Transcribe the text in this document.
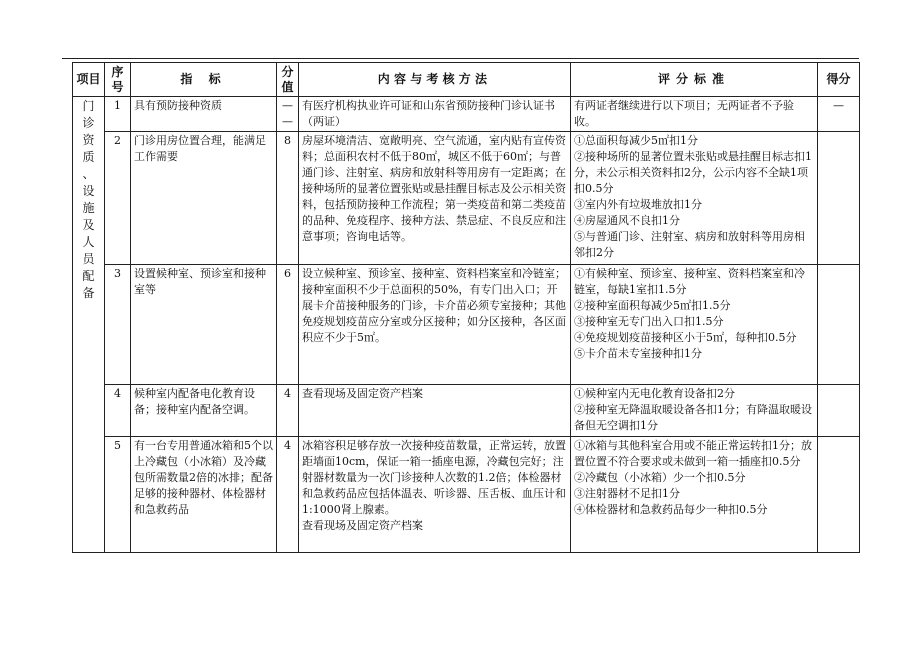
项目	序号	指 标	分值	内容与考核方法	评分标准	得分

门诊资质、设施及人员配备	1	具有预防接种资质	——	有医疗机构执业许可证和山东省预防接种门诊认证书（两证）	有两证者继续进行以下项目；无两证者不予验收。	—
	2	门诊用房位置合理，能满足工作需要	8	房屋环境清洁、宽敞明亮、空气流通，室内贴有宣传资料；总面积农村不低于80㎡，城区不低于60㎡；与普通门诊、注射室、病房和放射科等用房有一定距离；在接种场所的显著位置张贴或悬挂醒目标志及公示相关资料，包括预防接种工作流程；第一类疫苗和第二类疫苗的品种、免疫程序、接种方法、禁忌症、不良反应和注意事项；咨询电话等。	①总面积每减少5㎡扣1分
②接种场所的显著位置未张贴或悬挂醒目标志扣1分，未公示相关资料扣2分，公示内容不全缺1项扣0.5分
③室内外有垃圾堆放扣1分
④房屋通风不良扣1分
⑤与普通门诊、注射室、病房和放射科等用房相邻扣2分	
	3	设置候种室、预诊室和接种室等	6	设立候种室、预诊室、接种室、资料档案室和冷链室；接种室面积不少于总面积的50%，有专门出入口；开展卡介苗接种服务的门诊，卡介苗必须专室接种；其他免疫规划疫苗应分室或分区接种；如分区接种，各区面积应不少于5㎡。	①有候种室、预诊室、接种室、资料档案室和冷链室，每缺1室扣1.5分
②接种室面积每减少5㎡扣1.5分
③接种室无专门出入口扣1.5分
④免疫规划疫苗接种区小于5㎡，每种扣0.5分
⑤卡介苗未专室接种扣1分	
	4	候种室内配备电化教育设备；接种室内配备空调。	4	查看现场及固定资产档案	①候种室内无电化教育设备扣2分
②接种室无降温取暖设备各扣1分；有降温取暖设备但无空调扣1分	
	5	有一台专用普通冰箱和5个以上冷藏包（小冰箱）及冷藏包所需数量2倍的冰排；配备足够的接种器材、体检器材和急救药品	4	冰箱容积足够存放一次接种疫苗数量，正常运转，放置距墙面10cm，保证一箱一插座电源，冷藏包完好；注射器材数量为一次门诊接种人次数的1.2倍；体检器材和急救药品应包括体温表、听诊器、压舌板、血压计和1:1000肾上腺素。
查看现场及固定资产档案	①冰箱与其他科室合用或不能正常运转扣1分；放置位置不符合要求或未做到一箱一插座扣0.5分
②冷藏包（小冰箱）少一个扣0.5分
③注射器材不足扣1分
④体检器材和急救药品每少一种扣0.5分	
